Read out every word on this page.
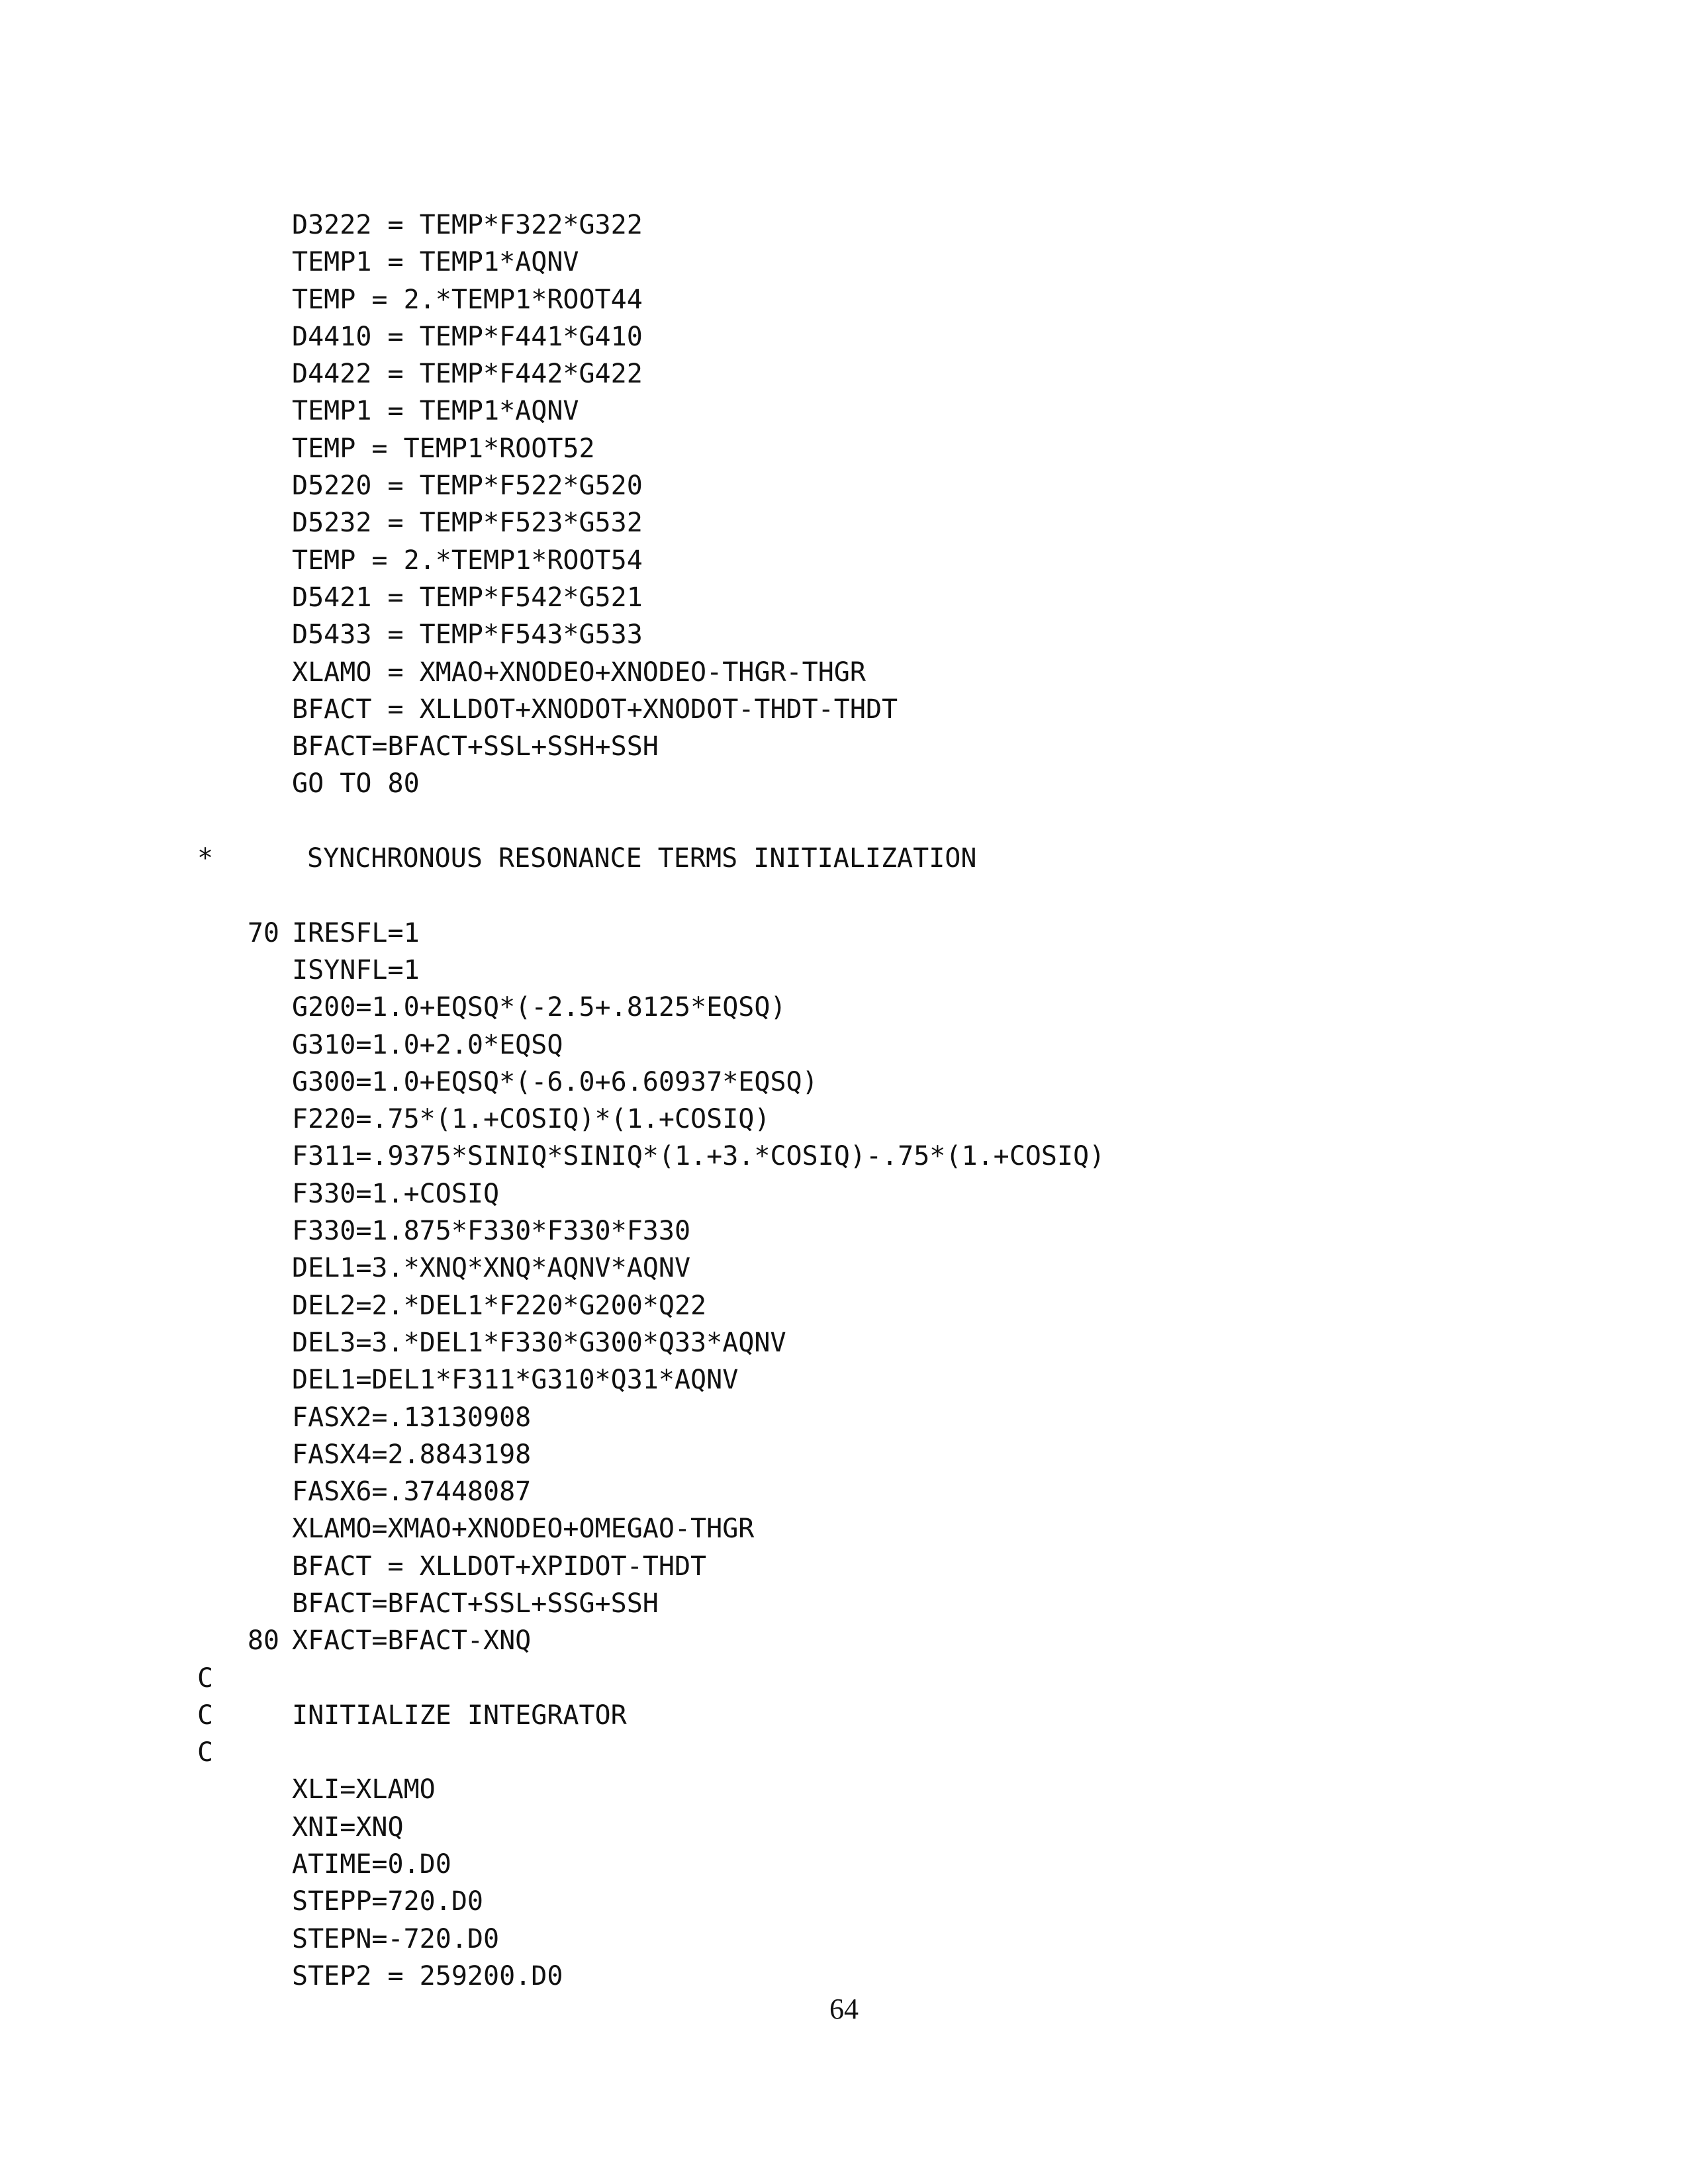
D3222 = TEMP*F322*G322
TEMP1 = TEMP1*AQNV
TEMP = 2.*TEMP1*ROOT44
D4410 = TEMP*F441*G410
D4422 = TEMP*F442*G422
TEMP1 = TEMP1*AQNV
TEMP = TEMP1*ROOT52
D5220 = TEMP*F522*G520
D5232 = TEMP*F523*G532
TEMP = 2.*TEMP1*ROOT54
D5421 = TEMP*F542*G521
D5433 = TEMP*F543*G533
XLAMO = XMAO+XNODEO+XNODEO-THGR-THGR
BFACT = XLLDOT+XNODOT+XNODOT-THDT-THDT
BFACT=BFACT+SSL+SSH+SSH
GO TO 80
*	SYNCHRONOUS RESONANCE TERMS INITIALIZATION
70 IRESFL=1
ISYNFL=1
G200=1.0+EQSQ*(-2.5+.8125*EQSQ)
G310=1.0+2.0*EQSQ
G300=1.0+EQSQ*(-6.0+6.60937*EQSQ)
F220=.75*(1.+COSIQ)*(1.+COSIQ)
F311=.9375*SINIQ*SINIQ*(1.+3.*COSIQ)-.75*(1.+COSIQ)
F330=1.+COSIQ
F330=1.875*F330*F330*F330
DEL1=3.*XNQ*XNQ*AQNV*AQNV
DEL2=2.*DEL1*F220*G200*Q22
DEL3=3.*DEL1*F330*G300*Q33*AQNV
DEL1=DEL1*F311*G310*Q31*AQNV
FASX2=.13130908
FASX4=2.8843198
FASX6=.37448087
XLAMO=XMAO+XNODEO+OMEGAO-THGR
BFACT = XLLDOT+XPIDOT-THDT
BFACT=BFACT+SSL+SSG+SSH
80 XFACT=BFACT-XNQ
C
C	INITIALIZE INTEGRATOR
C
XLI=XLAMO
XNI=XNQ
ATIME=0.D0
STEPP=720.D0
STEPN=-720.D0
STEP2 = 259200.D0
64
